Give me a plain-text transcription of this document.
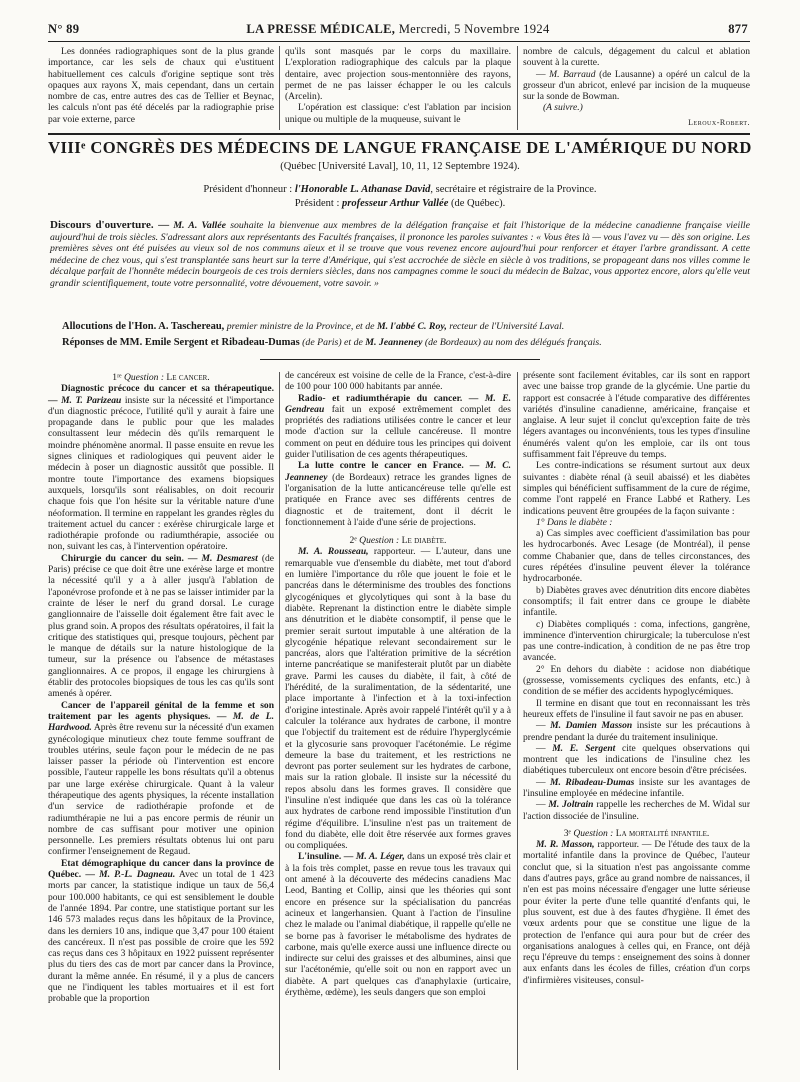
N° 89	LA PRESSE MÉDICALE, Mercredi, 5 Novembre 1924	877

Les données radiographiques sont de la plus grande importance, car les sels de chaux qui e'ustituent habituellement ces calculs d'origine septique sont très opaques aux rayons X, mais cependant, dans un certain nombre de cas, entre autres des cas de Tellier et Beynac, les calculs n'ont pas été décelés par la radiographie prise par voie externe, parce

qu'ils sont masqués par le corps du maxillaire. L'exploration radiographique des calculs par la plaque dentaire, avec projection sous-mentonnière des rayons, permet de ne pas laisser échapper le ou les calculs (Arcelin).

L'opération est classique: c'est l'ablation par incision unique ou multiple de la muqueuse, suivant le

nombre de calculs, dégagement du calcul et ablation souvent à la curette.

— M. Barraud (de Lausanne) a opéré un calcul de la grosseur d'un abricot, enlevé par incision de la muqueuse sur la sonde de Bowman.

(A suivre.)

Leroux-Robert.
VIIIᵉ CONGRÈS DES MÉDECINS DE LANGUE FRANÇAISE DE L'AMÉRIQUE DU NORD
(Québec [Université Laval], 10, 11, 12 Septembre 1924).
Président d'honneur : l'Honorable L. Athanase David, secrétaire et régistraire de la Province.
Président : professeur Arthur Vallée (de Québec).

Discours d'ouverture. — M. A. Vallée souhaite la bienvenue aux membres de la délégation française et fait l'historique de la médecine canadienne française vieille aujourd'hui de trois siècles. S'adressant alors aux représentants des Facultés françaises, il prononce les paroles suivantes : « Vous êtes là — vous l'avez vu — dès son origine. Les premières sèves ont été puisées au vieux sol de nos communs aïeux et il se trouve que vous revenez encore aujourd'hui pour renforcer et étayer l'arbre grandissant. A cette médecine de chez vous, qui s'est transplantée sans heurt sur la terre d'Amérique, qui s'est accrochée de siècle en siècle à vos traditions, se propageant dans nos villes comme le décalque parfait de l'honnête médecin bourgeois de ces trois derniers siècles, dans nos campagnes comme le souci du médecin de Balzac, vous apportez encore, alors qu'elle veut grandir scientifiquement, toute votre personnalité, votre dévouement, votre savoir. »

Allocutions de l'Hon. A. Taschereau, premier ministre de la Province, et de M. l'abbé C. Roy, recteur de l'Université Laval.

Réponses de MM. Emile Sergent et Ribadeau-Dumas (de Paris) et de M. Jeanneney (de Bordeaux) au nom des délégués français.

1ʳᵉ Question : Le cancer.

Diagnostic précoce du cancer et sa thérapeutique. — M. T. Parizeau insiste sur la nécessité et l'importance d'un diagnostic précoce, l'utilité qu'il y aurait à faire une propagande dans le public pour que les malades consultassent leur médecin dès qu'ils remarquent le moindre phénomène anormal. Il passe ensuite en revue les signes cliniques et radiologiques qui peuvent aider le médecin à poser un diagnostic aussitôt que possible. Il montre toute l'importance des examens biopsiques auxquels, lorsqu'ils sont réalisables, on doit recourir chaque fois que l'on hésite sur la véritable nature d'une néoformation. Il termine en rappelant les grandes règles du traitement actuel du cancer : exérèse chirurgicale large et radiothérapie profonde ou radiumthérapie, associée ou non, suivant les cas, à l'intervention opératoire.

Chirurgie du cancer du sein. — M. Desmarest (de Paris) précise ce que doit être une exérèse large et montre la nécessité qu'il y a à aller jusqu'à l'ablation de l'aponévrose profonde et à ne pas se laisser intimider par la crainte de léser le nerf du grand dorsal. Le curage ganglionnaire de l'aisselle doit également être fait avec le plus grand soin. A propos des résultats opératoires, il fait la critique des statistiques qui, presque toujours, pèchent par le manque de détails sur la nature histologique de la tumeur, sur la présence ou l'absence de métastases ganglionnaires. A ce propos, il engage les chirurgiens à établir des protocoles biopsiques de tous les cas qu'ils sont amenés à opérer.

Cancer de l'appareil génital de la femme et son traitement par les agents physiques. — M. de L. Hardwood. Après être revenu sur la nécessité d'un examen gynécologique minutieux chez toute femme souffrant de troubles utérins, seule façon pour le médecin de ne pas laisser passer la période où l'intervention est encore possible, l'auteur rappelle les bons résultats qu'il a obtenus par une large exérèse chirurgicale. Quant à la valeur thérapeutique des agents physiques, la récente installation d'un service de radiothérapie profonde et de radiumthérapie ne lui a pas encore permis de réunir un nombre de cas suffisant pour motiver une opinion personnelle. Les premiers résultats obtenus lui ont paru confirmer l'enseignement de Regaud.

Etat démographique du cancer dans la province de Québec. — M. P.-L. Dagneau. Avec un total de 1 423 morts par cancer, la statistique indique un taux de 56,4 pour 100.000 habitants, ce qui est sensiblement le double de l'année 1894. Par contre, une statistique portant sur les 146 573 malades reçus dans les hôpitaux de la Province, dans les derniers 10 ans, indique que 3,47 pour 100 étaient des cancéreux. Il n'est pas possible de croire que les 592 cas reçus dans ces 3 hôpitaux en 1922 puissent représenter plus du tiers des cas de mort par cancer dans la Province, durant la même année. En résumé, il y a plus de cancers que ne l'indiquent les tables mortuaires et il est fort probable que la proportion

de cancéreux est voisine de celle de la France, c'est-à-dire de 100 pour 100 000 habitants par année.

Radio- et radiumthérapie du cancer. — M. E. Gendreau fait un exposé extrêmement complet des propriétés des radiations utilisées contre le cancer et leur mode d'action sur la cellule cancéreuse. Il montre comment on peut en déduire tous les principes qui doivent guider l'utilisation de ces agents thérapeutiques.

La lutte contre le cancer en France. — M. C. Jeanneney (de Bordeaux) retrace les grandes lignes de l'organisation de la lutte anticancéreuse telle qu'elle est pratiquée en France avec ses différents centres de diagnostic et de traitement, dont il décrit le fonctionnement à l'aide d'une série de projections.

2ᵉ Question : Le diabète.

M. A. Rousseau, rapporteur. — L'auteur, dans une remarquable vue d'ensemble du diabète, met tout d'abord en lumière l'importance du rôle que jouent le foie et le pancréas dans le déterminisme des troubles des fonctions glycogéniques et glycolytiques qui sont à la base du diabète. Reprenant la distinction entre le diabète simple ans dénutrition et le diabète consomptif, il pense que le premier serait surtout imputable à une altération de la glycogénie hépatique relevant secondairement sur le pancréas, alors que l'altération primitive de la sécrétion interne pancréatique se manifesterait plutôt par un diabète grave. Parmi les causes du diabète, il fait, à côté de l'hérédité, de la suralimentation, de la sédentarité, une place importante à l'infection et à la toxi-infection d'origine intestinale. Après avoir rappelé l'intérêt qu'il y a à calculer la tolérance aux hydrates de carbone, il montre que l'objectif du traitement est de réduire l'hyperglycémie et la glycosurie sans provoquer l'acétonémie. Le régime demeure la base du traitement, et les restrictions ne devront pas porter seulement sur les hydrates de carbone, mais sur la ration globale. Il insiste sur la nécessité du repos absolu dans les formes graves. Il considère que l'insuline n'est indiquée que dans les cas où la tolérance aux hydrates de carbone rend impossible l'institution d'un régime d'équilibre. L'insuline n'est pas un traitement de fond du diabète, elle doit être réservée aux formes graves ou compliquées.

L'insuline. — M. A. Léger, dans un exposé très clair et à la fois très complet, passe en revue tous les travaux qui ont amené à la découverte des médecins canadiens Mac Leod, Banting et Collip, ainsi que les théories qui sont encore en présence sur la spécialisation du pancréas acineux et langerhansien. Quant à l'action de l'insuline chez le malade ou l'animal diabétique, il rappelle qu'elle ne se borne pas à favoriser le métabolisme des hydrates de carbone, mais qu'elle exerce aussi une influence directe ou indirecte sur celui des graisses et des albumines, ainsi que sur l'acétonémie, qu'elle soit ou non en rapport avec un diabète. A part quelques cas d'anaphylaxie (urticaire, érythème, œdème), les seuls dangers que son emploi

présente sont facilement évitables, car ils sont en rapport avec une baisse trop grande de la glycémie. Une partie du rapport est consacrée à l'étude comparative des différentes variétés d'insuline canadienne, américaine, française et anglaise. A leur sujet il conclut qu'exception faite de très légers avantages ou inconvénients, tous les types d'insuline énumérés valent qu'on les emploie, car ils ont tous suffisamment fait l'épreuve du temps.

Les contre-indications se résument surtout aux deux suivantes : diabète rénal (à seuil abaissé) et les diabètes simples qui bénéficient suffisamment de la cure de régime, comme l'ont rappelé en France Labbé et Rathery. Les indications peuvent être groupées de la façon suivante :

1° Dans le diabète :

a) Cas simples avec coefficient d'assimilation bas pour les hydrocarbonés. Avec Lesage (de Montréal), il pense comme Chabanier que, dans de telles circonstances, des cures répétées d'insuline peuvent élever la tolérance hydrocarbonée.

b) Diabètes graves avec dénutrition dits encore diabètes consomptifs; il fait entrer dans ce groupe le diabète infantile.

c) Diabètes compliqués : coma, infections, gangrène, imminence d'intervention chirurgicale; la tuberculose n'est pas une contre-indication, à condition de ne pas être trop avancée.

2° En dehors du diabète : acidose non diabétique (grossesse, vomissements cycliques des enfants, etc.) à condition de se méfier des accidents hypoglycémiques.

Il termine en disant que tout en reconnaissant les très heureux effets de l'insuline il faut savoir ne pas en abuser.

— M. Damien Masson insiste sur les précautions à prendre pendant la durée du traitement insulinique.

— M. E. Sergent cite quelques observations qui montrent que les indications de l'insuline chez les diabétiques tuberculeux ont encore besoin d'être précisées.

— M. Ribadeau-Dumas insiste sur les avantages de l'insuline employée en médecine infantile.

— M. Joltrain rappelle les recherches de M. Widal sur l'action dissociée de l'insuline.

3ᵉ Question : La mortalité infantile.

M. R. Masson, rapporteur. — De l'étude des taux de la mortalité infantile dans la province de Québec, l'auteur conclut que, si la situation n'est pas angoissante comme dans d'autres pays, grâce au grand nombre de naissances, il n'en est pas moins nécessaire d'engager une lutte sérieuse pour éviter la perte d'une telle quantité d'enfants qui, le plus souvent, est due à des fautes d'hygiène. Il émet des vœux ardents pour que se constitue une ligue de la protection de l'enfance qui aura pour but de créer des organisations analogues à celles qui, en France, ont déjà reçu l'épreuve du temps : enseignement des soins à donner aux enfants dans les écoles de filles, création d'un corps d'infirmières visiteuses, consul-
